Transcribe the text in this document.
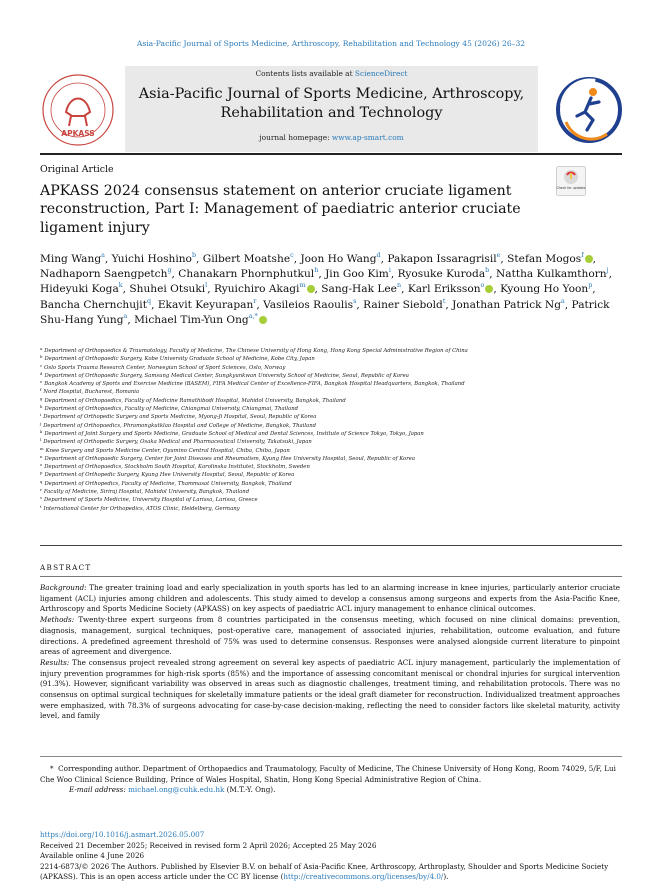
Asia-Pacific Journal of Sports Medicine, Arthroscopy, Rehabilitation and Technology 45 (2026) 26–32
APKASS
Contents lists available at ScienceDirect
Asia-Pacific Journal of Sports Medicine, Arthroscopy, Rehabilitation and Technology
journal homepage: www.ap-smart.com
Original Article
Check for updates
APKASS 2024 consensus statement on anterior cruciate ligament reconstruction, Part I: Management of paediatric anterior cruciate ligament injury
Ming Wang$^a$, Yuichi Hoshino$^b$, Gilbert Moatshe$^c$, Joon Ho Wang$^d$, Pakapon Issaragrisil$^e$, Stefan Mogos$^f$ , Nadhaporn Saengpetch$^g$, Chanakarn Phornphutkul$^h$, Jin Goo Kim$^i$, Ryosuke Kuroda$^b$, Nattha Kulkamthorn$^j$, Hideyuki Koga$^k$, Shuhei Otsuki$^l$, Ryuichiro Akagi$^m$ , Sang-Hak Lee$^n$, Karl Eriksson$^o$ , Kyoung Ho Yoon$^p$, Bancha Chernchujit$^q$, Ekavit Keyurapan$^r$, Vasileios Raoulis$^s$, Rainer Siebold$^t$, Jonathan Patrick Ng$^a$, Patrick Shu-Hang Yung$^a$, Michael Tim-Yun Ong$^{a,*}$
$^a$ Department of Orthopaedics & Traumatology, Faculty of Medicine, The Chinese University of Hong Kong, Hong Kong Special Administrative Region of China
$^b$ Department of Orthopaedic Surgery, Kobe University Graduate School of Medicine, Kobe City, Japan
$^c$ Oslo Sports Trauma Research Center, Norwegian School of Sport Sciences, Oslo, Norway
$^d$ Department of Orthopaedic Surgery, Samsung Medical Center, Sungkyunkwan University School of Medicine, Seoul, Republic of Korea
$^e$ Bangkok Academy of Sports and Exercise Medicine (BASEM), FIFA Medical Center of Excellence-FIFA, Bangkok Hospital Headquarters, Bangkok, Thailand
$^f$ Nord Hospital, Bucharest, Romania
$^g$ Department of Orthopaedics, Faculty of Medicine Ramathibodi Hospital, Mahidol University, Bangkok, Thailand
$^h$ Department of Orthopaedics, Faculty of Medicine, Chiangmai University, Chiangmai, Thailand
$^i$ Department of Orthopedic Surgery and Sports Medicine, Myong-Ji Hospital, Seoul, Republic of Korea
$^j$ Department of Orthopaedics, Phramongkutklao Hospital and College of Medicine, Bangkok, Thailand
$^k$ Department of Joint Surgery and Sports Medicine, Graduate School of Medical and Dental Sciences, Institute of Science Tokyo, Tokyo, Japan
$^l$ Department of Orthopedic Surgery, Osaka Medical and Pharmaceutical University, Takatsuki, Japan
$^m$ Knee Surgery and Sports Medicine Center, Oyumino Central Hospital, Chiba, Chiba, Japan
$^n$ Department of Orthopaedic Surgery, Center for Joint Diseases and Rheumatism, Kyung Hee University Hospital, Seoul, Republic of Korea
$^o$ Department of Orthopaedics, Stockholm South Hospital, Karolinska Institutet, Stockholm, Sweden
$^p$ Department of Orthopedic Surgery, Kyung Hee University Hospital, Seoul, Republic of Korea
$^q$ Department of Orthopedics, Faculty of Medicine, Thammasat University, Bangkok, Thailand
$^r$ Faculty of Medicine, Siriraj Hospital, Mahidol University, Bangkok, Thailand
$^s$ Department of Sports Medicine, University Hospital of Larissa, Larissa, Greece
$^t$ International Center for Orthopedics, ATOS Clinic, Heidelberg, Germany
ABSTRACT

Background: The greater training load and early specialization in youth sports has led to an alarming increase in knee injuries, particularly anterior cruciate ligament (ACL) injuries among children and adolescents. This study aimed to develop a consensus among surgeons and experts from the Asia-Pacific Knee, Arthroscopy and Sports Medicine Society (APKASS) on key aspects of paediatric ACL injury management to enhance clinical outcomes.

Methods: Twenty-three expert surgeons from 8 countries participated in the consensus meeting, which focused on nine clinical domains: prevention, diagnosis, management, surgical techniques, post-operative care, management of associated injuries, rehabilitation, outcome evaluation, and future directions. A predefined agreement threshold of 75% was used to determine consensus. Responses were analysed alongside current literature to pinpoint areas of agreement and divergence.

Results: The consensus project revealed strong agreement on several key aspects of paediatric ACL injury management, particularly the implementation of injury prevention programmes for high-risk sports (85%) and the importance of assessing concomitant meniscal or chondral injuries for surgical intervention (91.3%). However, significant variability was observed in areas such as diagnostic challenges, treatment timing, and rehabilitation protocols. There was no consensus on optimal surgical techniques for skeletally immature patients or the ideal graft diameter for reconstruction. Individualized treatment approaches were emphasized, with 78.3% of surgeons advocating for case-by-case decision-making, reflecting the need to consider factors like skeletal maturity, activity level, and family

* Corresponding author. Department of Orthopaedics and Traumatology, Faculty of Medicine, The Chinese University of Hong Kong, Room 74029, 5/F, Lui Che Woo Clinical Science Building, Prince of Wales Hospital, Shatin, Hong Kong Special Administrative Region of China.

E-mail address: michael.ong@cuhk.edu.hk (M.T.-Y. Ong).

https://doi.org/10.1016/j.asmart.2026.05.007

Received 21 December 2025; Received in revised form 2 April 2026; Accepted 25 May 2026

Available online 4 June 2026

2214-6873/© 2026 The Authors. Published by Elsevier B.V. on behalf of Asia-Pacific Knee, Arthroscopy, Arthroplasty, Shoulder and Sports Medicine Society (APKASS). This is an open access article under the CC BY license (http://creativecommons.org/licenses/by/4.0/).
